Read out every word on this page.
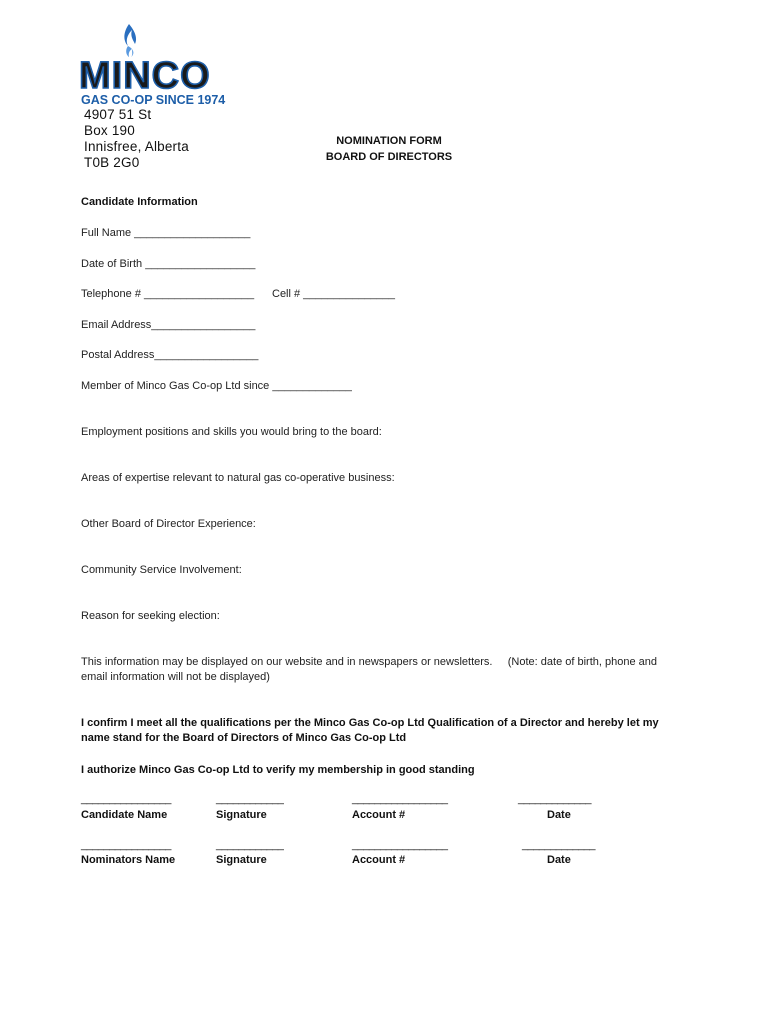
MINCO
GAS CO-OP SINCE 1974
4907 51 St
Box 190
Innisfree, Alberta
T0B 2G0
NOMINATION FORM
BOARD OF DIRECTORS
Candidate Information
Full Name ___________________
Date of Birth __________________
Telephone # __________________ Cell # _______________
Email Address_________________
Postal Address_________________
Member of Minco Gas Co-op Ltd since _____________
Employment positions and skills you would bring to the board:
Areas of expertise relevant to natural gas co-operative business:
Other Board of Director Experience:
Community Service Involvement:
Reason for seeking election:
This information may be displayed on our website and in newspapers or newsletters.     (Note: date of birth, phone and
email information will not be displayed)
I confirm I meet all the qualifications per the Minco Gas Co-op Ltd Qualification of a Director and hereby let my
name stand for the Board of Directors of Minco Gas Co-op Ltd
I authorize Minco Gas Co-op Ltd to verify my membership in good standing
________________	____________	_________________	_____________
Candidate Name	Signature	Account #	Date
________________	____________	_________________	_____________
Nominators Name	Signature	Account #	Date
